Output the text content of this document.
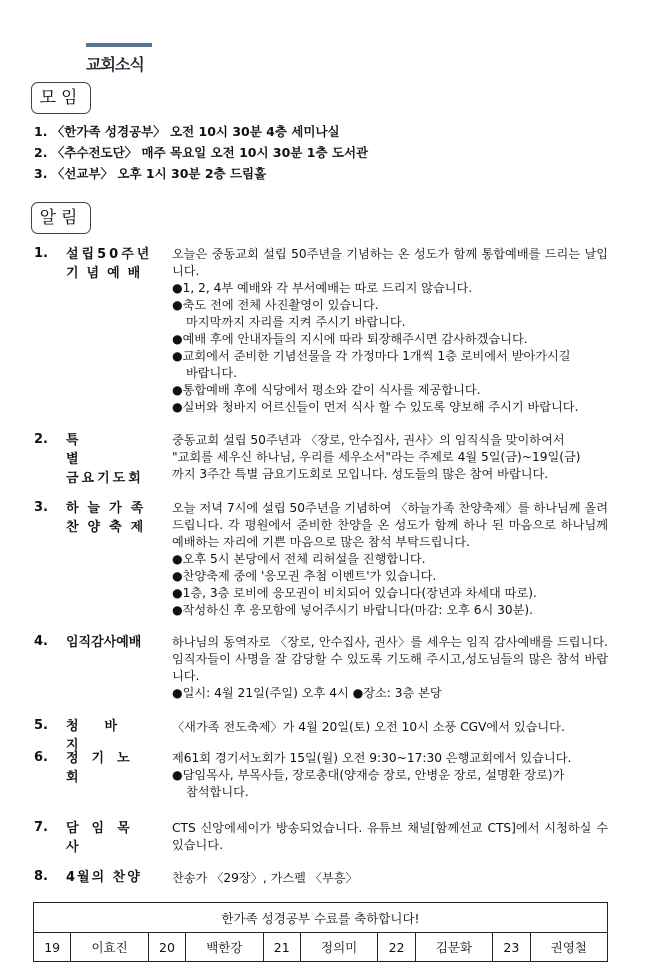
교회소식
모임
1. 〈한가족 성경공부〉 오전 10시 30분 4층 세미나실
2. 〈추수전도단〉 매주 목요일 오전 10시 30분 1층 도서관
3. 〈선교부〉 오후 1시 30분 2층 드림홀
알림
1. 설립50주년
기념예배
오늘은 중동교회 설립 50주년을 기념하는 온 성도가 함께 통합예배를 드리는 날입니다.
●1, 2, 4부 예배와 각 부서예배는 따로 드리지 않습니다.
●축도 전에 전체 사진촬영이 있습니다.
마지막까지 자리를 지켜 주시기 바랍니다.
●예배 후에 안내자들의 지시에 따라 퇴장해주시면 감사하겠습니다.
●교회에서 준비한 기념선물을 각 가정마다 1개씩 1층 로비에서 받아가시길
바랍니다.
●통합예배 후에 식당에서 평소와 같이 식사를 제공합니다.
●실버와 청바지 어르신들이 먼저 식사 할 수 있도록 양보해 주시기 바랍니다.
2. 특별
금요기도회
중동교회 설립 50주년과 〈장로, 안수집사, 권사〉의 임직식을 맞이하여서
"교회를 세우신 하나님, 우리를 세우소서"라는 주제로 4월 5일(금)~19일(금)
까지 3주간 특별 금요기도회로 모입니다. 성도들의 많은 참여 바랍니다.
3. 하늘가족
찬양축제
오늘 저녁 7시에 설립 50주년을 기념하여 〈하늘가족 찬양축제〉를 하나님께 올려 드립니다. 각 평원에서 준비한 찬양을 온 성도가 함께 하나 된 마음으로 하나님께 예배하는 자리에 기쁜 마음으로 많은 참석 부탁드립니다.
●오후 5시 본당에서 전체 리허설을 진행합니다.
●찬양축제 중에 '응모권 추첨 이벤트'가 있습니다.
●1층, 3층 로비에 응모권이 비치되어 있습니다(장년과 차세대 따로).
●작성하신 후 응모함에 넣어주시기 바랍니다(마감: 오후 6시 30분).
4. 임직감사예배	하나님의 동역자로 〈장로, 안수집사, 권사〉를 세우는 임직 감사예배를 드립니다. 임직자들이 사명을 잘 감당할 수 있도록 기도해 주시고,성도님들의 많은 참석 바랍니다.
●일시: 4월 21일(주일) 오후 4시 ●장소: 3층 본당
5. 청바지
〈새가족 전도축제〉가 4월 20일(토) 오전 10시 소풍 CGV에서 있습니다.
6. 정기노회
제61회 경기서노회가 15일(월) 오전 9:30~17:30 은행교회에서 있습니다.
●담임목사, 부목사들, 장로총대(양재승 장로, 안병운 장로, 설명환 장로)가
참석합니다.
7. 담임목사
CTS 신앙에세이가 방송되었습니다. 유튜브 채널[함께선교 CTS]에서 시청하실 수 있습니다.
8. 4월의 찬양	찬송가 〈29장〉, 가스펠 〈부흥〉
한가족 성경공부 수료를 축하합니다!
19	이효진	20	백한강	21	정의미	22	김문화	23	권영철
